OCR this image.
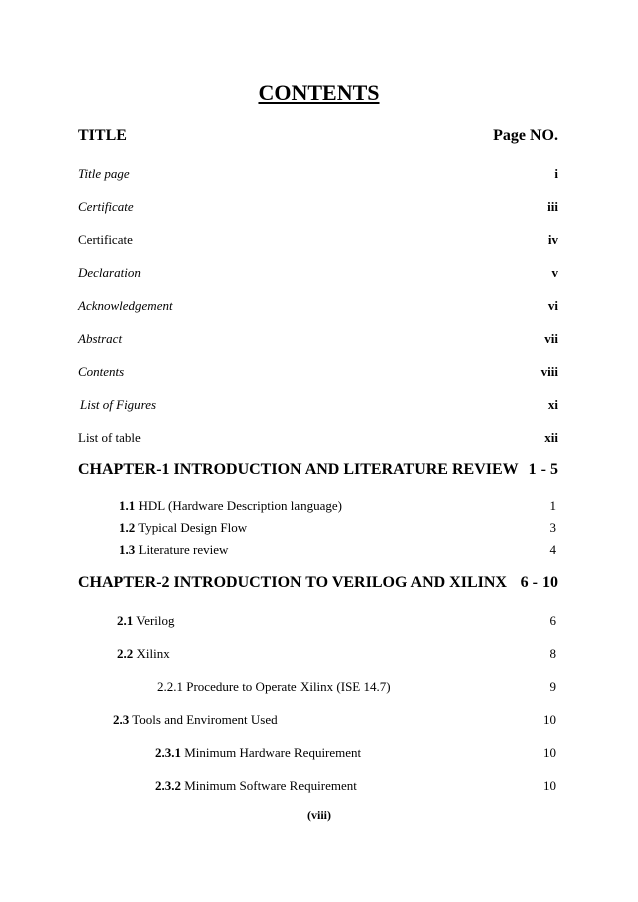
CONTENTS
TITLE	Page NO.
Title page	i
Certificate	iii
Certificate	iv
Declaration	v
Acknowledgement	vi
Abstract	vii
Contents	viii
List of Figures	xi
List of table	xii
CHAPTER-1 INTRODUCTION AND LITERATURE REVIEW 1 - 5
1.1 HDL (Hardware Description language)	1
1.2 Typical Design Flow	3
1.3 Literature review	4
CHAPTER-2 INTRODUCTION TO VERILOG AND XILINX 6 - 10
2.1 Verilog	6
2.2 Xilinx	8
2.2.1 Procedure to Operate Xilinx (ISE 14.7)	9
2.3 Tools and Enviroment Used	10
2.3.1 Minimum Hardware Requirement	10
2.3.2 Minimum Software Requirement	10
(viii)
